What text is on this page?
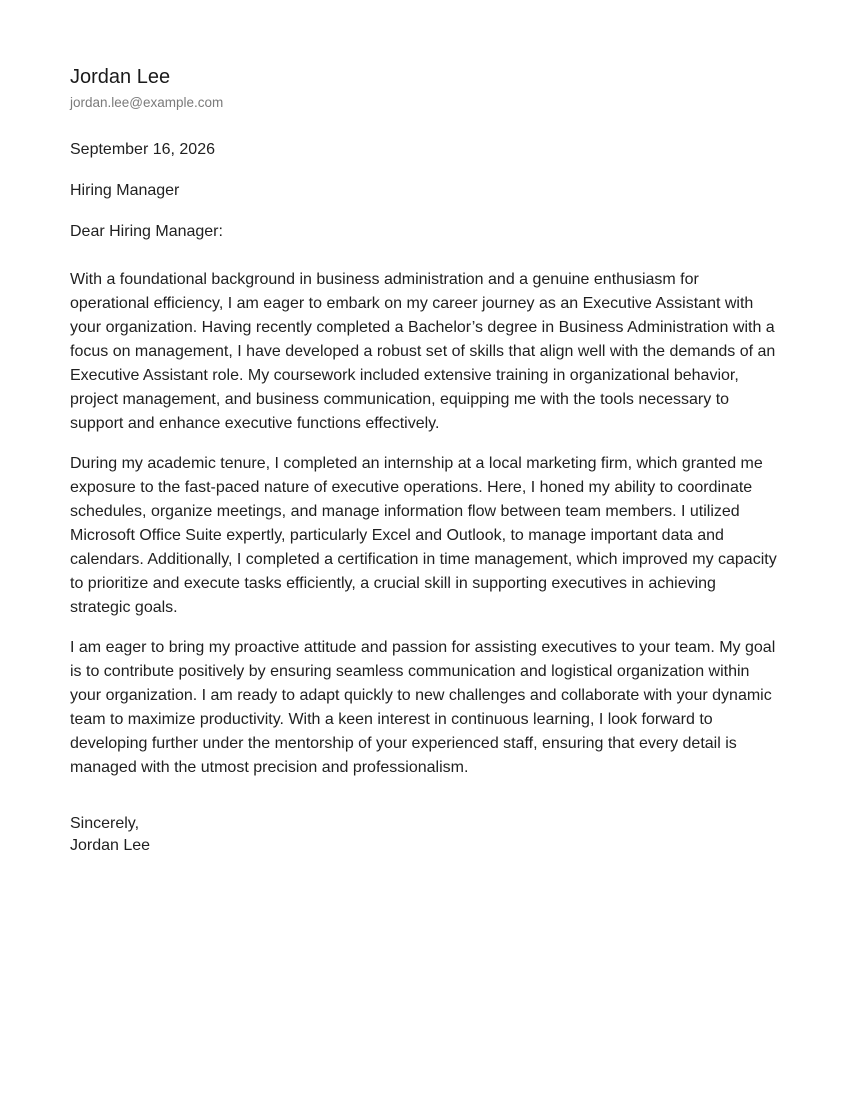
Jordan Lee
jordan.lee@example.com
September 16, 2026
Hiring Manager
Dear Hiring Manager:

With a foundational background in business administration and a genuine enthusiasm for operational efficiency, I am eager to embark on my career journey as an Executive Assistant with your organization. Having recently completed a Bachelor’s degree in Business Administration with a focus on management, I have developed a robust set of skills that align well with the demands of an Executive Assistant role. My coursework included extensive training in organizational behavior, project management, and business communication, equipping me with the tools necessary to support and enhance executive functions effectively.

During my academic tenure, I completed an internship at a local marketing firm, which granted me exposure to the fast-paced nature of executive operations. Here, I honed my ability to coordinate schedules, organize meetings, and manage information flow between team members. I utilized Microsoft Office Suite expertly, particularly Excel and Outlook, to manage important data and calendars. Additionally, I completed a certification in time management, which improved my capacity to prioritize and execute tasks efficiently, a crucial skill in supporting executives in achieving strategic goals.

I am eager to bring my proactive attitude and passion for assisting executives to your team. My goal is to contribute positively by ensuring seamless communication and logistical organization within your organization. I am ready to adapt quickly to new challenges and collaborate with your dynamic team to maximize productivity. With a keen interest in continuous learning, I look forward to developing further under the mentorship of your experienced staff, ensuring that every detail is managed with the utmost precision and professionalism.

Sincerely,
Jordan Lee
